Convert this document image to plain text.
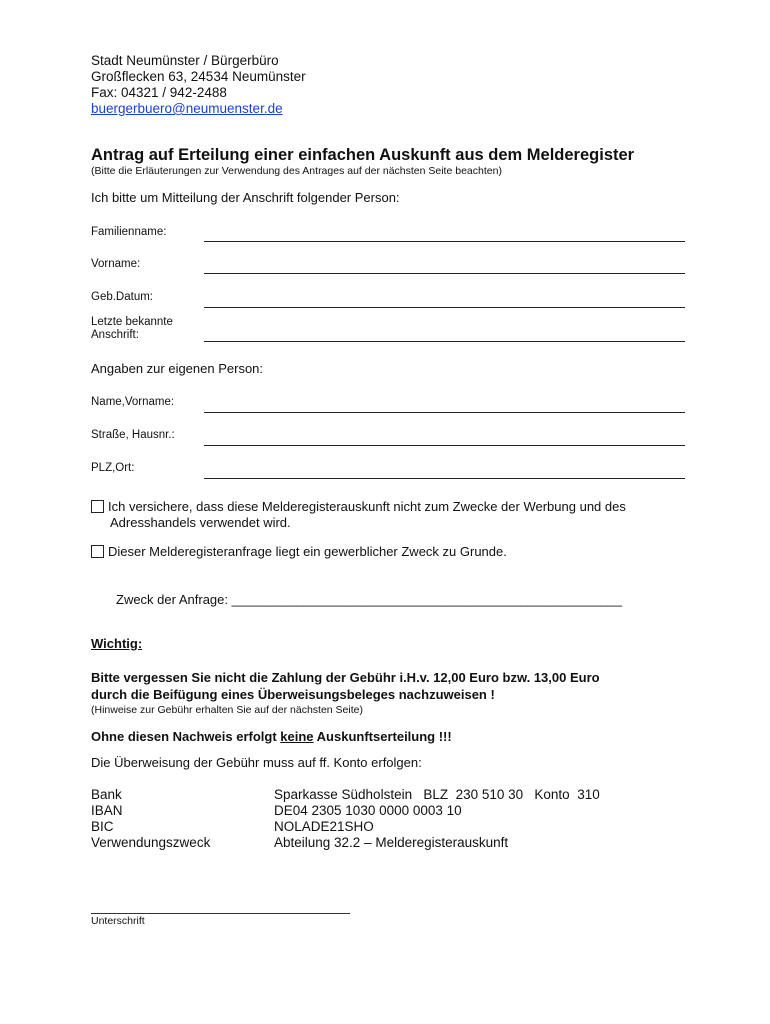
Stadt Neumünster / Bürgerbüro
Großflecken 63, 24534 Neumünster
Fax: 04321 / 942-2488
buergerbuero@neumuenster.de
Antrag auf Erteilung einer einfachen Auskunft aus dem Melderegister
(Bitte die Erläuterungen zur Verwendung des Antrages auf der nächsten Seite beachten)
Ich bitte um Mitteilung der Anschrift folgender Person:
Familienname:
Vorname:
Geb.Datum:
Letzte bekannte
Anschrift:
Angaben zur eigenen Person:
Name,Vorname:
Straße, Hausnr.:
PLZ,Ort:
Ich versichere, dass diese Melderegisterauskunft nicht zum Zwecke der Werbung und des
Adresshandels verwendet wird.
Dieser Melderegisteranfrage liegt ein gewerblicher Zweck zu Grunde.
Zweck der Anfrage: ______________________________________________________
Wichtig:
Bitte vergessen Sie nicht die Zahlung der Gebühr i.H.v. 12,00 Euro bzw. 13,00 Euro
durch die Beifügung eines Überweisungsbeleges nachzuweisen !
(Hinweise zur Gebühr erhalten Sie auf der nächsten Seite)
Ohne diesen Nachweis erfolgt keine Auskunftserteilung !!!
Die Überweisung der Gebühr muss auf ff. Konto erfolgen:
Bank
IBAN
BIC
Verwendungszweck
Sparkasse Südholstein   BLZ  230 510 30   Konto  310
DE04 2305 1030 0000 0003 10
NOLADE21SHO
Abteilung 32.2 – Melderegisterauskunft
Unterschrift
